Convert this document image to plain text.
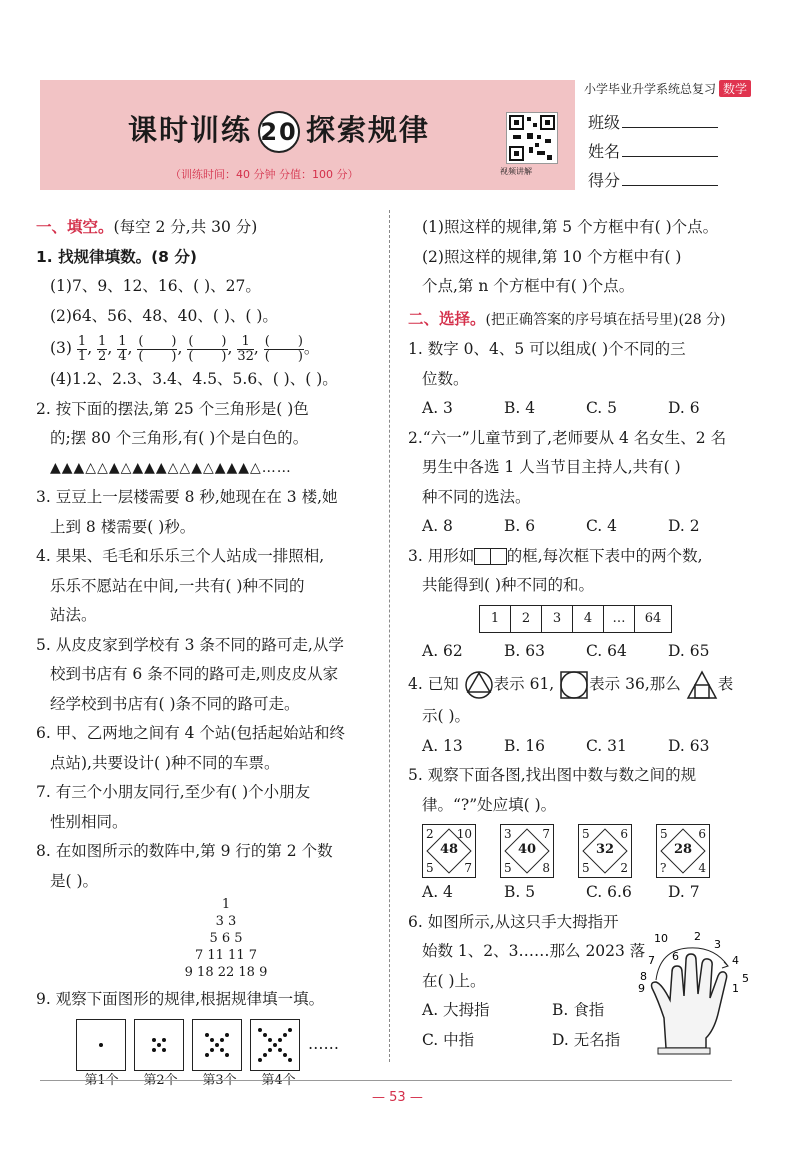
小学毕业升学系统总复习 数学
课时训练 20 探索规律
（训练时间：40 分钟 分值：100 分）	视频讲解
班级
姓名
得分
一、填空。(每空 2 分,共 30 分)
1. 找规律填数。(8 分)
(1)7、9、12、16、( )、27。
(2)64、56、48、40、( )、( )。
$(3) \frac{1}{1}$, $\frac{1}{2}$, $\frac{1}{4}$, $\frac{( )}{( )}$, $\frac{( )}{( )}$, $\frac{1}{32}$, $\frac{( )}{( )}$。
(4)1.2、2.3、3.4、4.5、5.6、( )、( )。
2. 按下面的摆法,第 25 个三角形是( )色
的;摆 80 个三角形,有( )个是白色的。
▲▲▲△△▲△▲▲▲△△▲△▲▲▲△……
3. 豆豆上一层楼需要 8 秒,她现在在 3 楼,她
上到 8 楼需要( )秒。
4. 果果、毛毛和乐乐三个人站成一排照相,
乐乐不愿站在中间,一共有( )种不同的
站法。
5. 从皮皮家到学校有 3 条不同的路可走,从学
校到书店有 6 条不同的路可走,则皮皮从家
经学校到书店有( )条不同的路可走。
6. 甲、乙两地之间有 4 个站(包括起始站和终
点站),共要设计( )种不同的车票。
7. 有三个小朋友同行,至少有( )个小朋友
性别相同。
8. 在如图所示的数阵中,第 9 行的第 2 个数
是( )。
1
3 3
5 6 5
7 11 11 7
9 18 22 18 9
9. 观察下面图形的规律,根据规律填一填。
……
第1个	第2个	第3个	第4个
(1)照这样的规律,第 5 个方框中有( )个点。
(2)照这样的规律,第 10 个方框中有( )
个点,第 n 个方框中有( )个点。
二、选择。(把正确答案的序号填在括号里)(28 分)
1. 数字 0、4、5 可以组成( )个不同的三
位数。
A. 3	B. 4	C. 5	D. 6
2.“六一”儿童节到了,老师要从 4 名女生、2 名
男生中各选 1 人当节目主持人,共有( )
种不同的选法。
A. 8	B. 6	C. 4	D. 2
3. 用形如 的框,每次框下表中的两个数,
共能得到( )种不同的和。
1	2	3	4	…	64
A. 62	B. 63	C. 64	D. 65
4. 已知 表示 61, 表示 36,那么 表
示( )。
A. 13	B. 16	C. 31	D. 63
5. 观察下面各图,找出图中数与数之间的规
律。“?”处应填( )。
2 10
48
5	7
3	7
40
5	8
5	6
32
5	2
5	6
28
?	4
A. 4	B. 5	C. 6.6	D. 7
6. 如图所示,从这只手大拇指开
始数 1、2、3……那么 2023 落
在( )上。
A. 大拇指	B. 食指
C. 中指	D. 无名指
10 2
3
4
5
6
7
8
9	1
— 53 —
